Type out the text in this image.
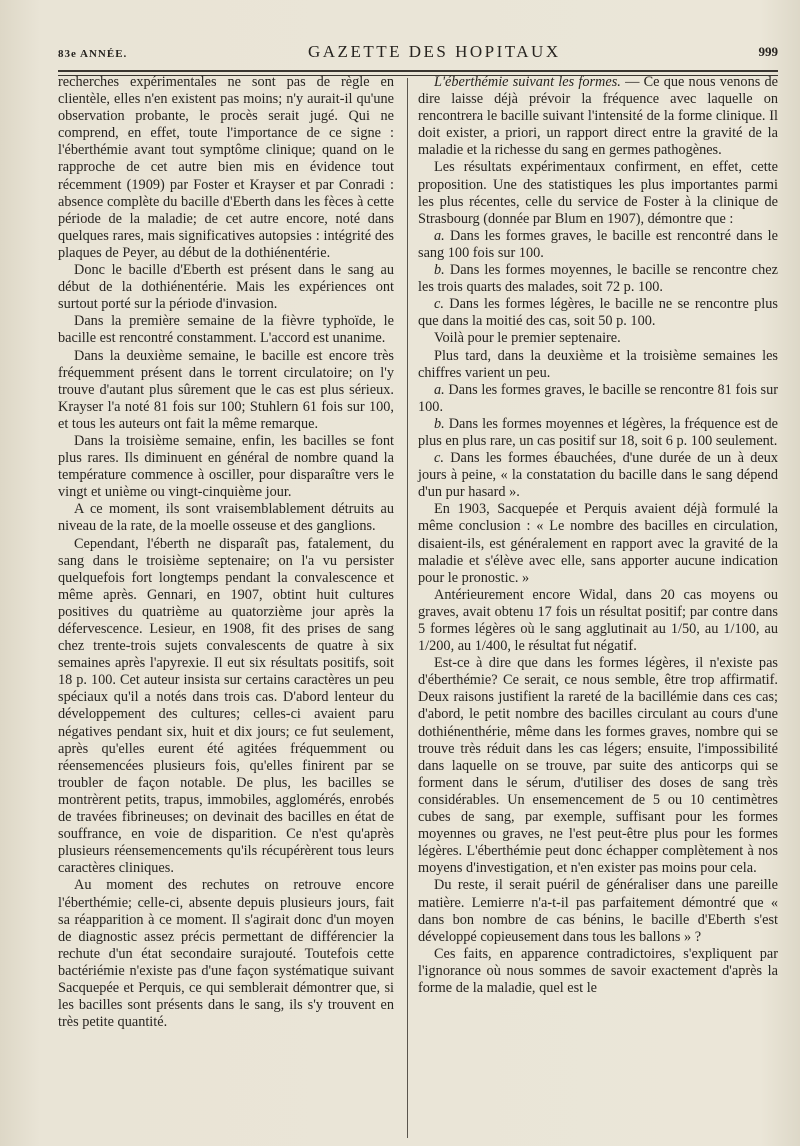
83e ANNÉE.	GAZETTE DES HOPITAUX	999

recherches expérimentales ne sont pas de règle en clientèle, elles n'en existent pas moins; n'y aurait-il qu'une observation probante, le procès serait jugé. Qui ne comprend, en effet, toute l'importance de ce signe : l'éberthémie avant tout symptôme clinique; quand on le rapproche de cet autre bien mis en évidence tout récemment (1909) par Foster et Krayser et par Conradi : absence complète du bacille d'Eberth dans les fèces à cette période de la maladie; de cet autre encore, noté dans quelques rares, mais significatives autopsies : intégrité des plaques de Peyer, au début de la dothiénentérie.

Donc le bacille d'Eberth est présent dans le sang au début de la dothiénentérie. Mais les expériences ont surtout porté sur la période d'invasion.

Dans la première semaine de la fièvre typhoïde, le bacille est rencontré constamment. L'accord est unanime.

Dans la deuxième semaine, le bacille est encore très fréquemment présent dans le torrent circulatoire; on l'y trouve d'autant plus sûrement que le cas est plus sérieux. Krayser l'a noté 81 fois sur 100; Stuhlern 61 fois sur 100, et tous les auteurs ont fait la même remarque.

Dans la troisième semaine, enfin, les bacilles se font plus rares. Ils diminuent en général de nombre quand la température commence à osciller, pour disparaître vers le vingt et unième ou vingt-cinquième jour.

A ce moment, ils sont vraisemblablement détruits au niveau de la rate, de la moelle osseuse et des ganglions.

Cependant, l'éberth ne disparaît pas, fatalement, du sang dans le troisième septenaire; on l'a vu persister quelquefois fort longtemps pendant la convalescence et même après. Gennari, en 1907, obtint huit cultures positives du quatrième au quatorzième jour après la défervescence. Lesieur, en 1908, fit des prises de sang chez trente-trois sujets convalescents de quatre à six semaines après l'apyrexie. Il eut six résultats positifs, soit 18 p. 100. Cet auteur insista sur certains caractères un peu spéciaux qu'il a notés dans trois cas. D'abord lenteur du développement des cultures; celles-ci avaient paru négatives pendant six, huit et dix jours; ce fut seulement, après qu'elles eurent été agitées fréquemment ou réensemencées plusieurs fois, qu'elles finirent par se troubler de façon notable. De plus, les bacilles se montrèrent petits, trapus, immobiles, agglomérés, enrobés de travées fibrineuses; on devinait des bacilles en état de souffrance, en voie de disparition. Ce n'est qu'après plusieurs réensemencements qu'ils récupérèrent tous leurs caractères cliniques.

Au moment des rechutes on retrouve encore l'éberthémie; celle-ci, absente depuis plusieurs jours, fait sa réapparition à ce moment. Il s'agirait donc d'un moyen de diagnostic assez précis permettant de différencier la rechute d'un état secondaire surajouté. Toutefois cette bactériémie n'existe pas d'une façon systématique suivant Sacquepée et Perquis, ce qui semblerait démontrer que, si les bacilles sont présents dans le sang, ils s'y trouvent en très petite quantité.

L'éberthémie suivant les formes. — Ce que nous venons de dire laisse déjà prévoir la fréquence avec laquelle on rencontrera le bacille suivant l'intensité de la forme clinique. Il doit exister, a priori, un rapport direct entre la gravité de la maladie et la richesse du sang en germes pathogènes.

Les résultats expérimentaux confirment, en effet, cette proposition. Une des statistiques les plus importantes parmi les plus récentes, celle du service de Foster à la clinique de Strasbourg (donnée par Blum en 1907), démontre que :

a. Dans les formes graves, le bacille est rencontré dans le sang 100 fois sur 100.

b. Dans les formes moyennes, le bacille se rencontre chez les trois quarts des malades, soit 72 p. 100.

c. Dans les formes légères, le bacille ne se rencontre plus que dans la moitié des cas, soit 50 p. 100.

Voilà pour le premier septenaire.

Plus tard, dans la deuxième et la troisième semaines les chiffres varient un peu.

a. Dans les formes graves, le bacille se rencontre 81 fois sur 100.

b. Dans les formes moyennes et légères, la fréquence est de plus en plus rare, un cas positif sur 18, soit 6 p. 100 seulement.

c. Dans les formes ébauchées, d'une durée de un à deux jours à peine, « la constatation du bacille dans le sang dépend d'un pur hasard ».

En 1903, Sacquepée et Perquis avaient déjà formulé la même conclusion : « Le nombre des bacilles en circulation, disaient-ils, est généralement en rapport avec la gravité de la maladie et s'élève avec elle, sans apporter aucune indication pour le pronostic. »

Antérieurement encore Widal, dans 20 cas moyens ou graves, avait obtenu 17 fois un résultat positif; par contre dans 5 formes légères où le sang agglutinait au 1/50, au 1/100, au 1/200, au 1/400, le résultat fut négatif.

Est-ce à dire que dans les formes légères, il n'existe pas d'éberthémie? Ce serait, ce nous semble, être trop affirmatif. Deux raisons justifient la rareté de la bacillémie dans ces cas; d'abord, le petit nombre des bacilles circulant au cours d'une dothiénenthérie, même dans les formes graves, nombre qui se trouve très réduit dans les cas légers; ensuite, l'impossibilité dans laquelle on se trouve, par suite des anticorps qui se forment dans le sérum, d'utiliser des doses de sang très considérables. Un ensemencement de 5 ou 10 centimètres cubes de sang, par exemple, suffisant pour les formes moyennes ou graves, ne l'est peut-être plus pour les formes légères. L'éberthémie peut donc échapper complètement à nos moyens d'investigation, et n'en exister pas moins pour cela.

Du reste, il serait puéril de généraliser dans une pareille matière. Lemierre n'a-t-il pas parfaitement démontré que « dans bon nombre de cas bénins, le bacille d'Eberth s'est développé copieusement dans tous les ballons » ?

Ces faits, en apparence contradictoires, s'expliquent par l'ignorance où nous sommes de savoir exactement d'après la forme de la maladie, quel est le
